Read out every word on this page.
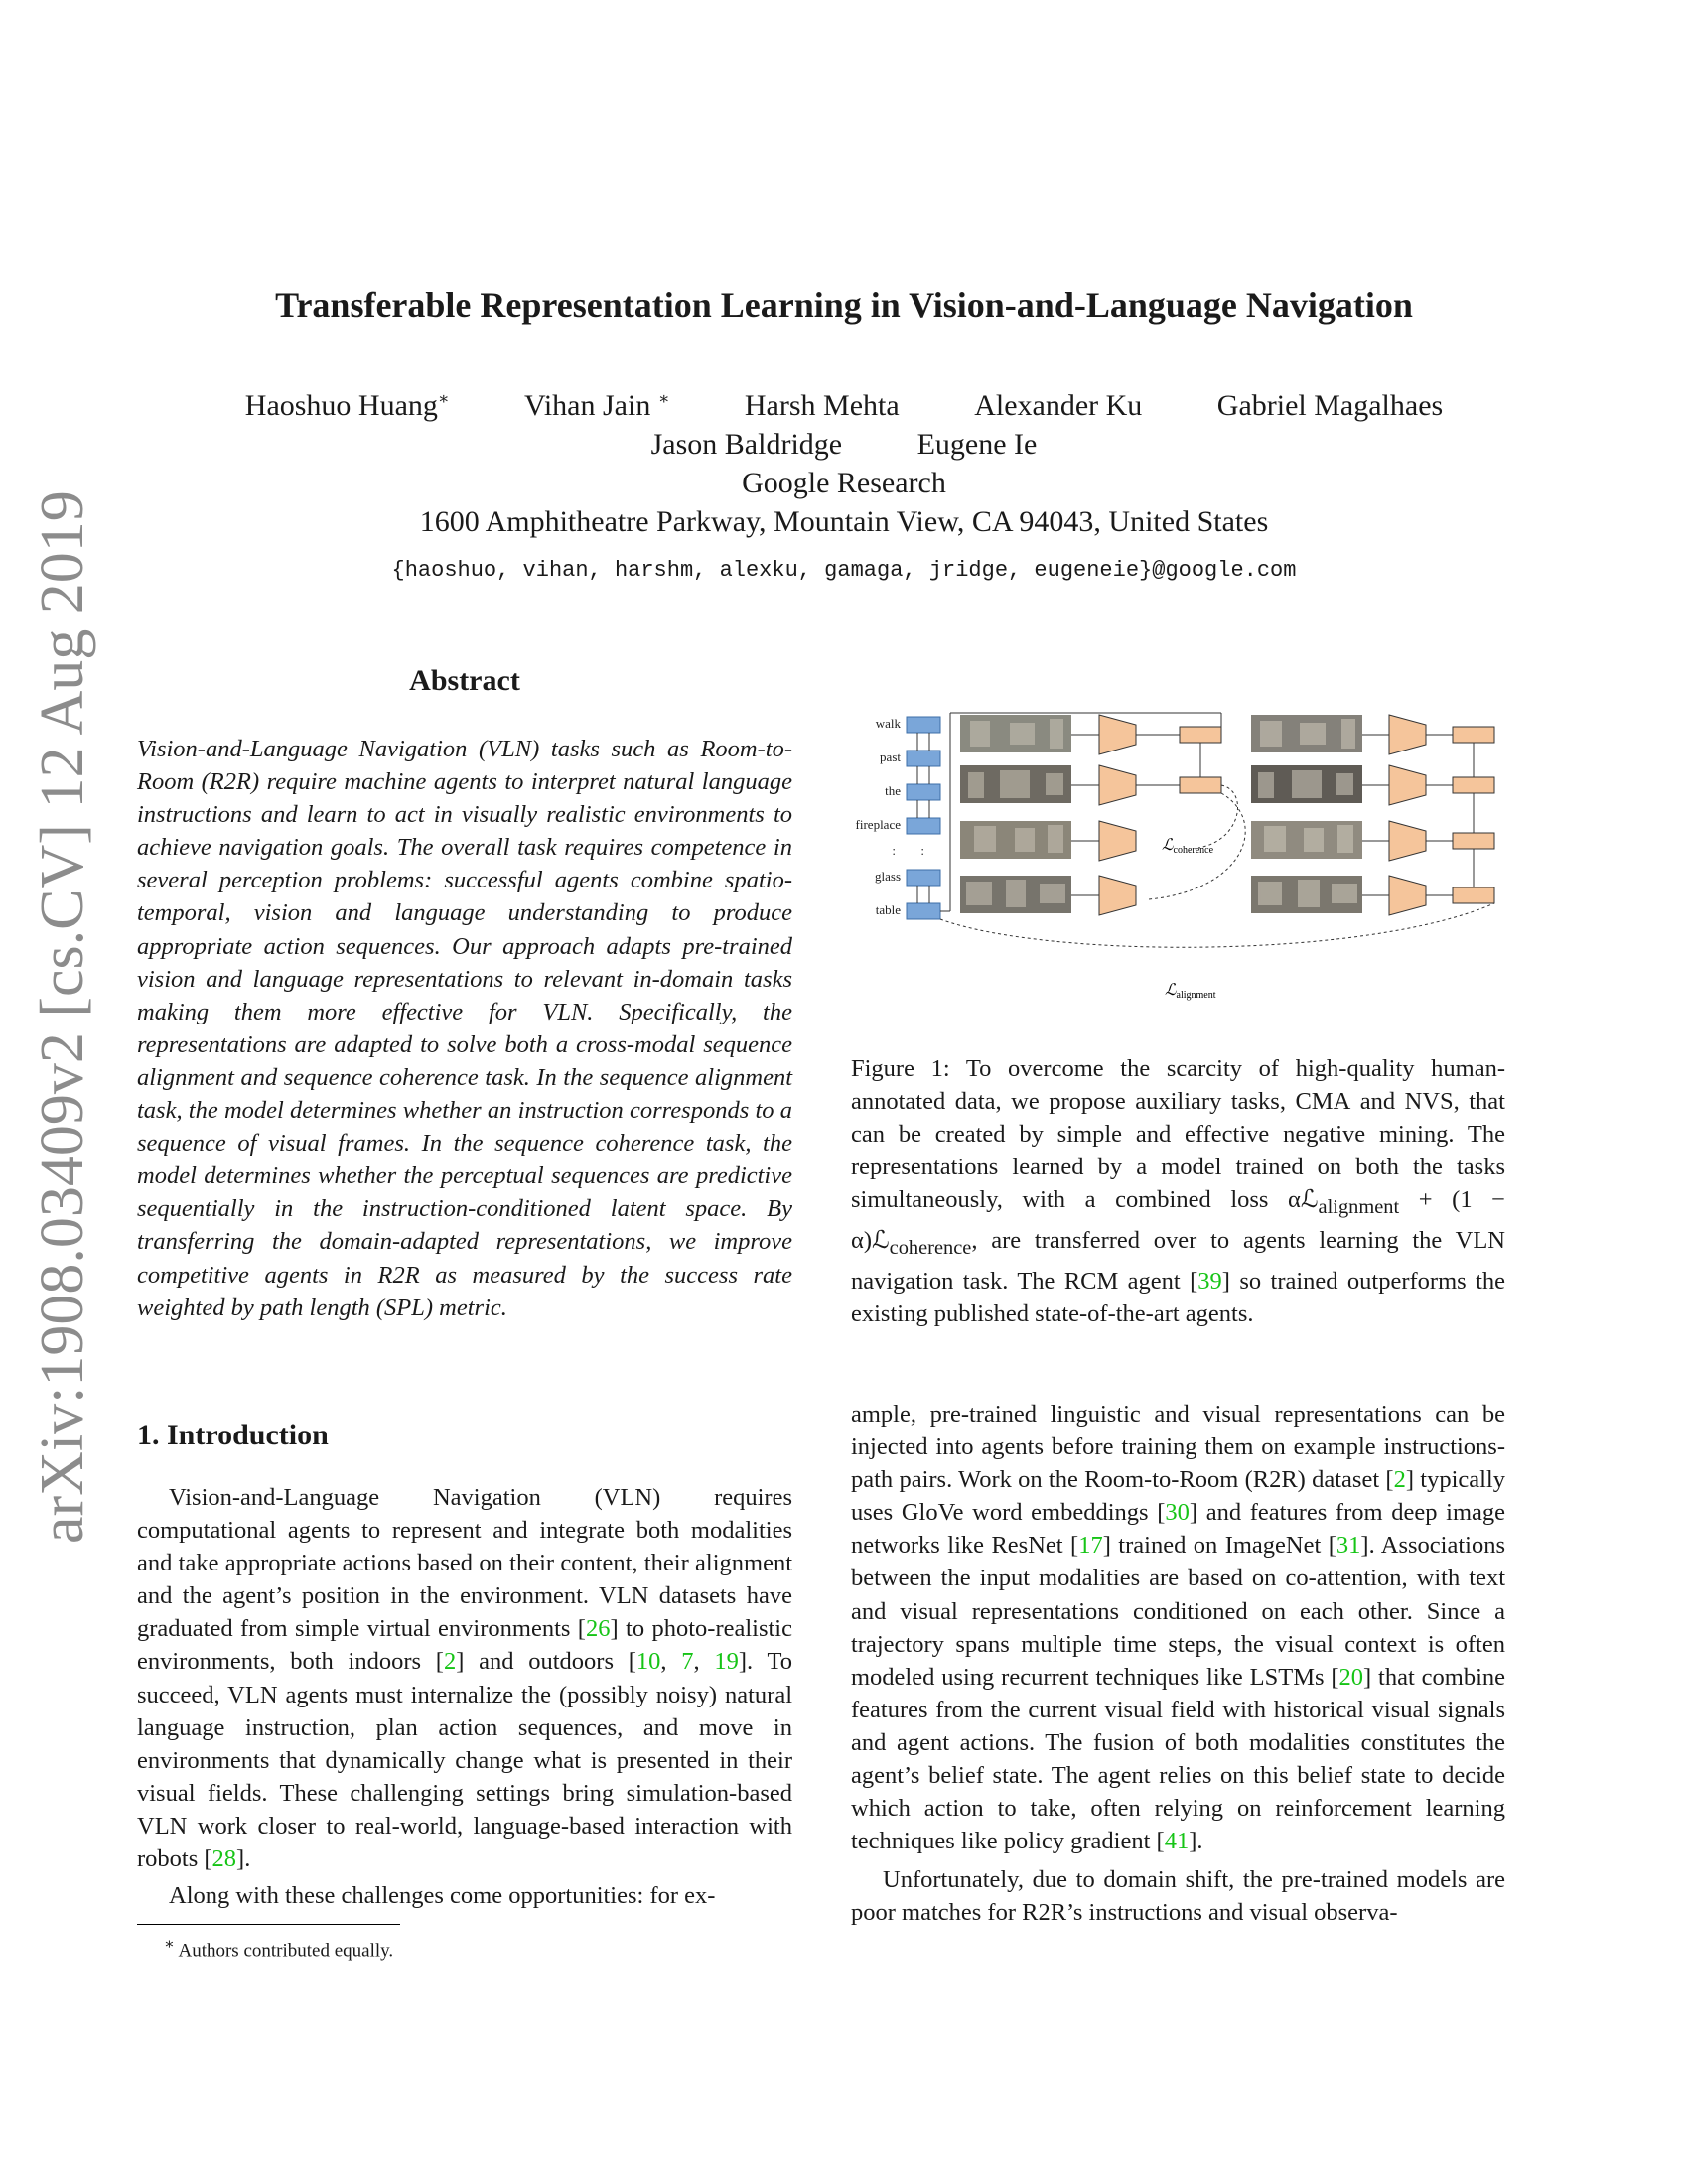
Transferable Representation Learning in Vision-and-Language Navigation
Haoshuo Huang∗	Vihan Jain ∗	Harsh Mehta	Alexander Ku	Gabriel Magalhaes
Jason Baldridge	Eugene Ie
Google Research
1600 Amphitheatre Parkway, Mountain View, CA 94043, United States
{haoshuo, vihan, harshm, alexku, gamaga, jridge, eugeneie}@google.com
arXiv:1908.03409v2 [cs.CV] 12 Aug 2019	Abstract
Vision-and-Language Navigation (VLN) tasks such as Room-to-Room (R2R) require machine agents to interpret natural language instructions and learn to act in visually realistic environments to achieve navigation goals. The overall task requires competence in several perception problems: successful agents combine spatio-temporal, vision and language understanding to produce appropriate action sequences. Our approach adapts pre-trained vision and language representations to relevant in-domain tasks making them more effective for VLN. Specifically, the representations are adapted to solve both a cross-modal sequence alignment and sequence coherence task. In the sequence alignment task, the model determines whether an instruction corresponds to a sequence of visual frames. In the sequence coherence task, the model determines whether the perceptual sequences are predictive sequentially in the instruction-conditioned latent space. By transferring the domain-adapted representations, we improve competitive agents in R2R as measured by the success rate weighted by path length (SPL) metric.
walk
past
the
fireplace
glass
table
: :	ℒcoherence
ℒalignment
Figure 1: To overcome the scarcity of high-quality human-annotated data, we propose auxiliary tasks, CMA and NVS, that can be created by simple and effective negative mining. The representations learned by a model trained on both the tasks simultaneously, with a combined loss αℒ$_{alignment}$ + (1 − α)ℒ$_{coherence}$, are transferred over to agents learning the VLN navigation task. The RCM agent [39] so trained outperforms the existing published state-of-the-art agents.
1. Introduction

Vision-and-Language Navigation (VLN) requires computational agents to represent and integrate both modalities and take appropriate actions based on their content, their alignment and the agent’s position in the environment. VLN datasets have graduated from simple virtual environments [26] to photo-realistic environments, both indoors [2] and outdoors [10, 7, 19]. To succeed, VLN agents must internalize the (possibly noisy) natural language instruction, plan action sequences, and move in environments that dynamically change what is presented in their visual fields. These challenging settings bring simulation-based VLN work closer to real-world, language-based interaction with robots [28].

Along with these challenges come opportunities: for ex-

ample, pre-trained linguistic and visual representations can be injected into agents before training them on example instructions-path pairs. Work on the Room-to-Room (R2R) dataset [2] typically uses GloVe word embeddings [30] and features from deep image networks like ResNet [17] trained on ImageNet [31]. Associations between the input modalities are based on co-attention, with text and visual representations conditioned on each other. Since a trajectory spans multiple time steps, the visual context is often modeled using recurrent techniques like LSTMs [20] that combine features from the current visual field with historical visual signals and agent actions. The fusion of both modalities constitutes the agent’s belief state. The agent relies on this belief state to decide which action to take, often relying on reinforcement learning techniques like policy gradient [41].

Unfortunately, due to domain shift, the pre-trained models are poor matches for R2R’s instructions and visual observa-

∗ Authors contributed equally.
